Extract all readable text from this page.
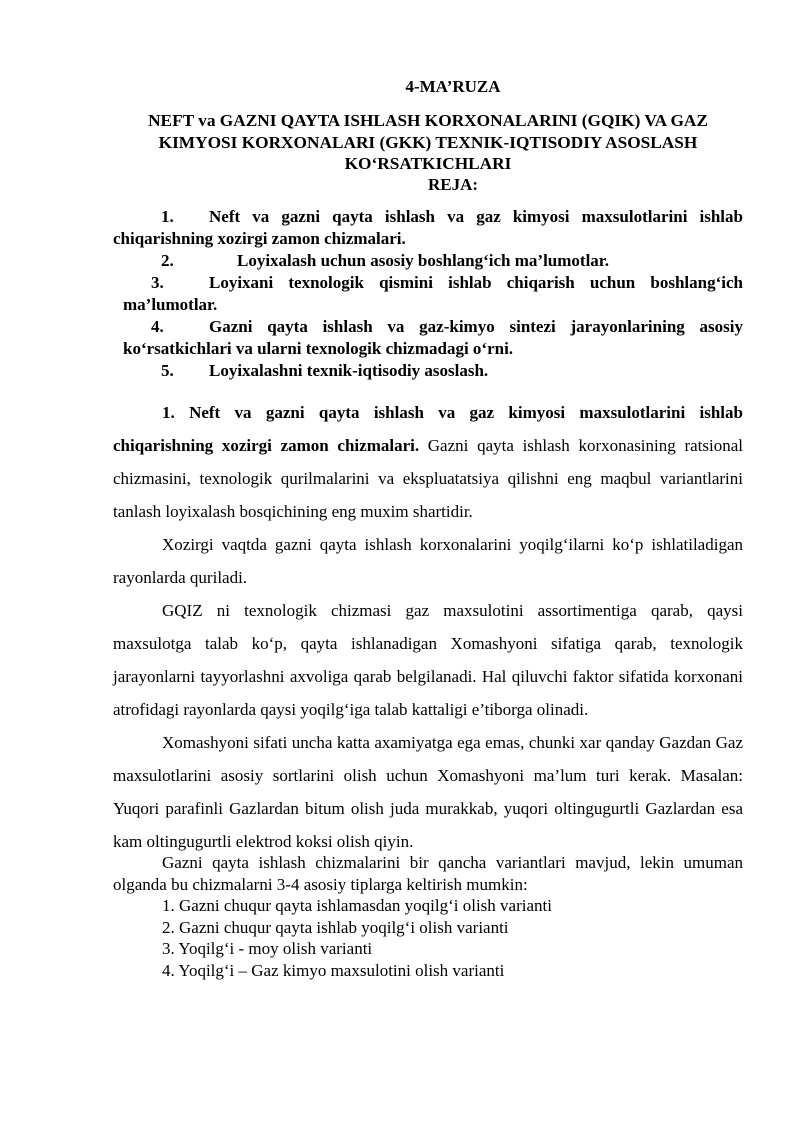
4-MA’RUZA
NEFT va GAZNI QAYTA ISHLASH KORXONALARINI (GQIK) VA GAZ
KIMYOSI KORXONALARI (GKK) TEXNIK-IQTISODIY ASOSLASH
KO‘RSATKICHLARI
REJA:
1. Neft va gazni qayta ishlash va gaz kimyosi maxsulotlarini ishlab chiqarishning xozirgi zamon chizmalari.
2.	Loyixalash uchun asosiy boshlang‘ich ma’lumotlar.
3.	Loyixani texnologik qismini ishlab chiqarish uchun boshlang‘ich ma’lumotlar.
4.	Gazni qayta ishlash va gaz-kimyo sintezi jarayonlarining asosiy ko‘rsatkichlari va ularni texnologik chizmadagi o‘rni.
5. Loyixalashni texnik-iqtisodiy asoslash.

1. Neft va gazni qayta ishlash va gaz kimyosi maxsulotlarini ishlab chiqarishning xozirgi zamon chizmalari. Gazni qayta ishlash korxonasining ratsional chizmasini, texnologik qurilmalarini va ekspluatatsiya qilishni eng maqbul variantlarini tanlash loyixalash bosqichining eng muxim shartidir.

Xozirgi vaqtda gazni qayta ishlash korxonalarini yoqilg‘ilarni ko‘p ishlatiladigan rayonlarda quriladi.

GQIZ ni texnologik chizmasi gaz maxsulotini assortimentiga qarab, qaysi maxsulotga talab ko‘p, qayta ishlanadigan Xomashyoni sifatiga qarab, texnologik jarayonlarni tayyorlashni axvoliga qarab belgilanadi. Hal qiluvchi faktor sifatida korxonani atrofidagi rayonlarda qaysi yoqilg‘iga talab kattaligi e’tiborga olinadi.

Xomashyoni sifati uncha katta axamiyatga ega emas, chunki xar qanday Gazdan Gaz maxsulotlarini asosiy sortlarini olish uchun Xomashyoni ma’lum turi kerak. Masalan: Yuqori parafinli Gazlardan bitum olish juda murakkab, yuqori oltingugurtli Gazlardan esa kam oltingugurtli elektrod koksi olish qiyin.

Gazni qayta ishlash chizmalarini bir qancha variantlari mavjud, lekin umuman olganda bu chizmalarni 3-4 asosiy tiplarga keltirish mumkin:

1. Gazni chuqur qayta ishlamasdan yoqilg‘i olish varianti
2. Gazni chuqur qayta ishlab yoqilg‘i olish varianti
3. Yoqilg‘i - moy olish varianti
4. Yoqilg‘i – Gaz kimyo maxsulotini olish varianti
